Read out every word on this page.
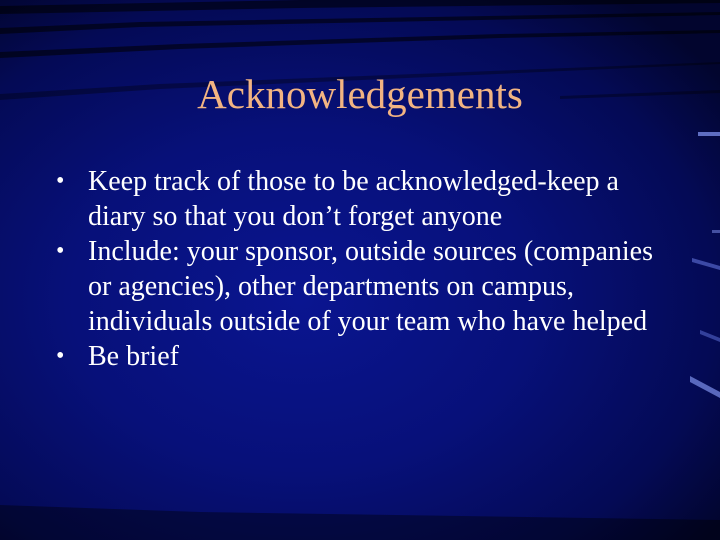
Acknowledgements
• Keep track of those to be acknowledged-keep a diary so that you don’t forget anyone
• Include: your sponsor, outside sources (companies or agencies), other departments on campus, individuals outside of your team who have helped
• Be brief
